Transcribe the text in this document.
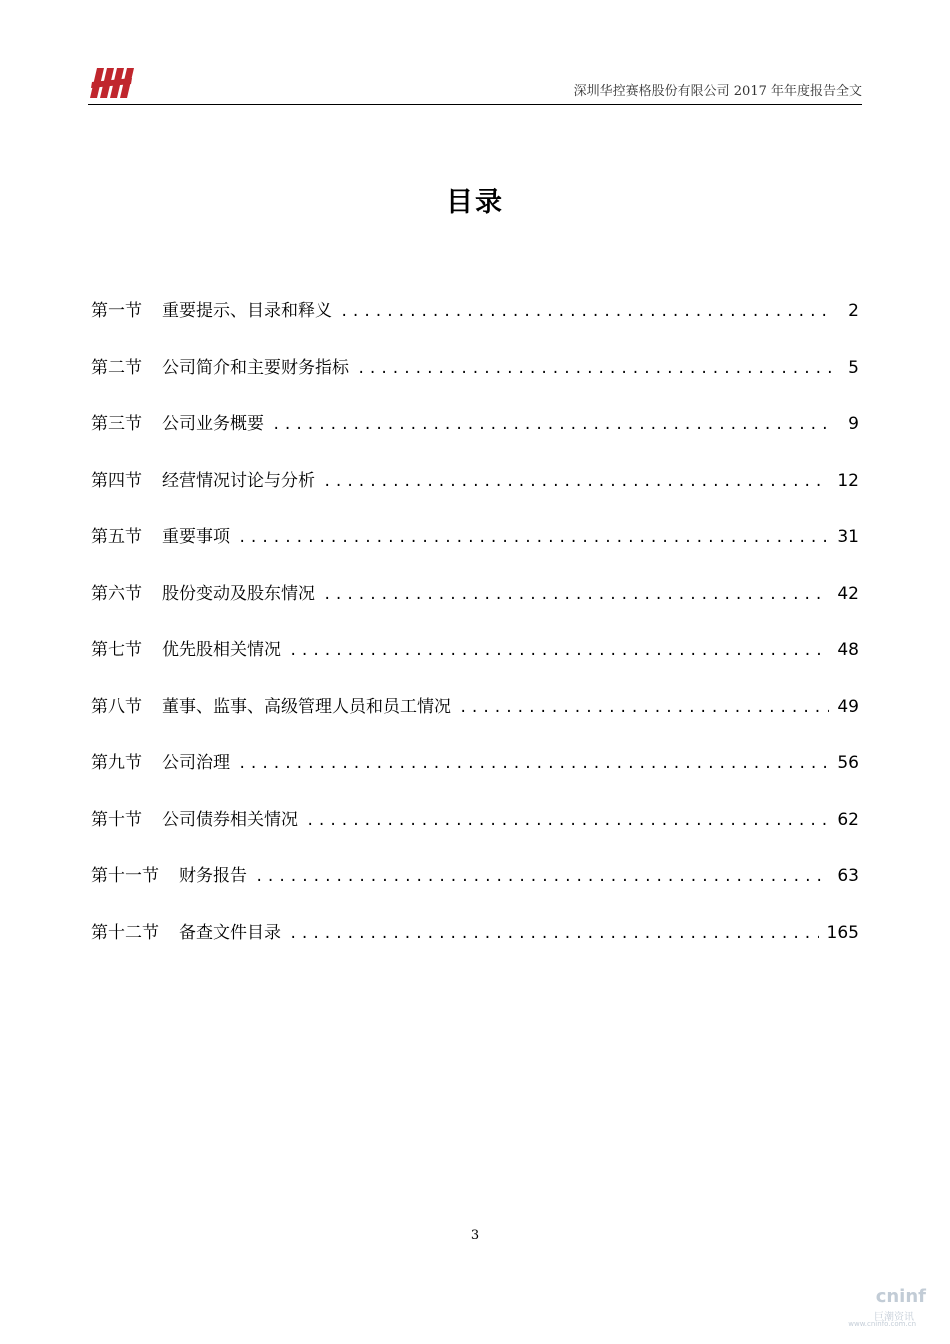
深圳华控赛格股份有限公司 2017 年年度报告全文
目录
第一节 重要提示、目录和释义 .....	2
第二节 公司简介和主要财务指标 .....	5
第三节 公司业务概要 .....	9
第四节 经营情况讨论与分析 .....	12
第五节 重要事项 .....	31
第六节 股份变动及股东情况 .....	42
第七节 优先股相关情况 .....	48
第八节 董事、监事、高级管理人员和员工情况 .....	49
第九节 公司治理 .....	56
第十节 公司债券相关情况 .....	62
第十一节 财务报告 .....	63
第十二节 备查文件目录 .....	165
3
cninf
巨潮资讯
www.cninfo.com.cn
